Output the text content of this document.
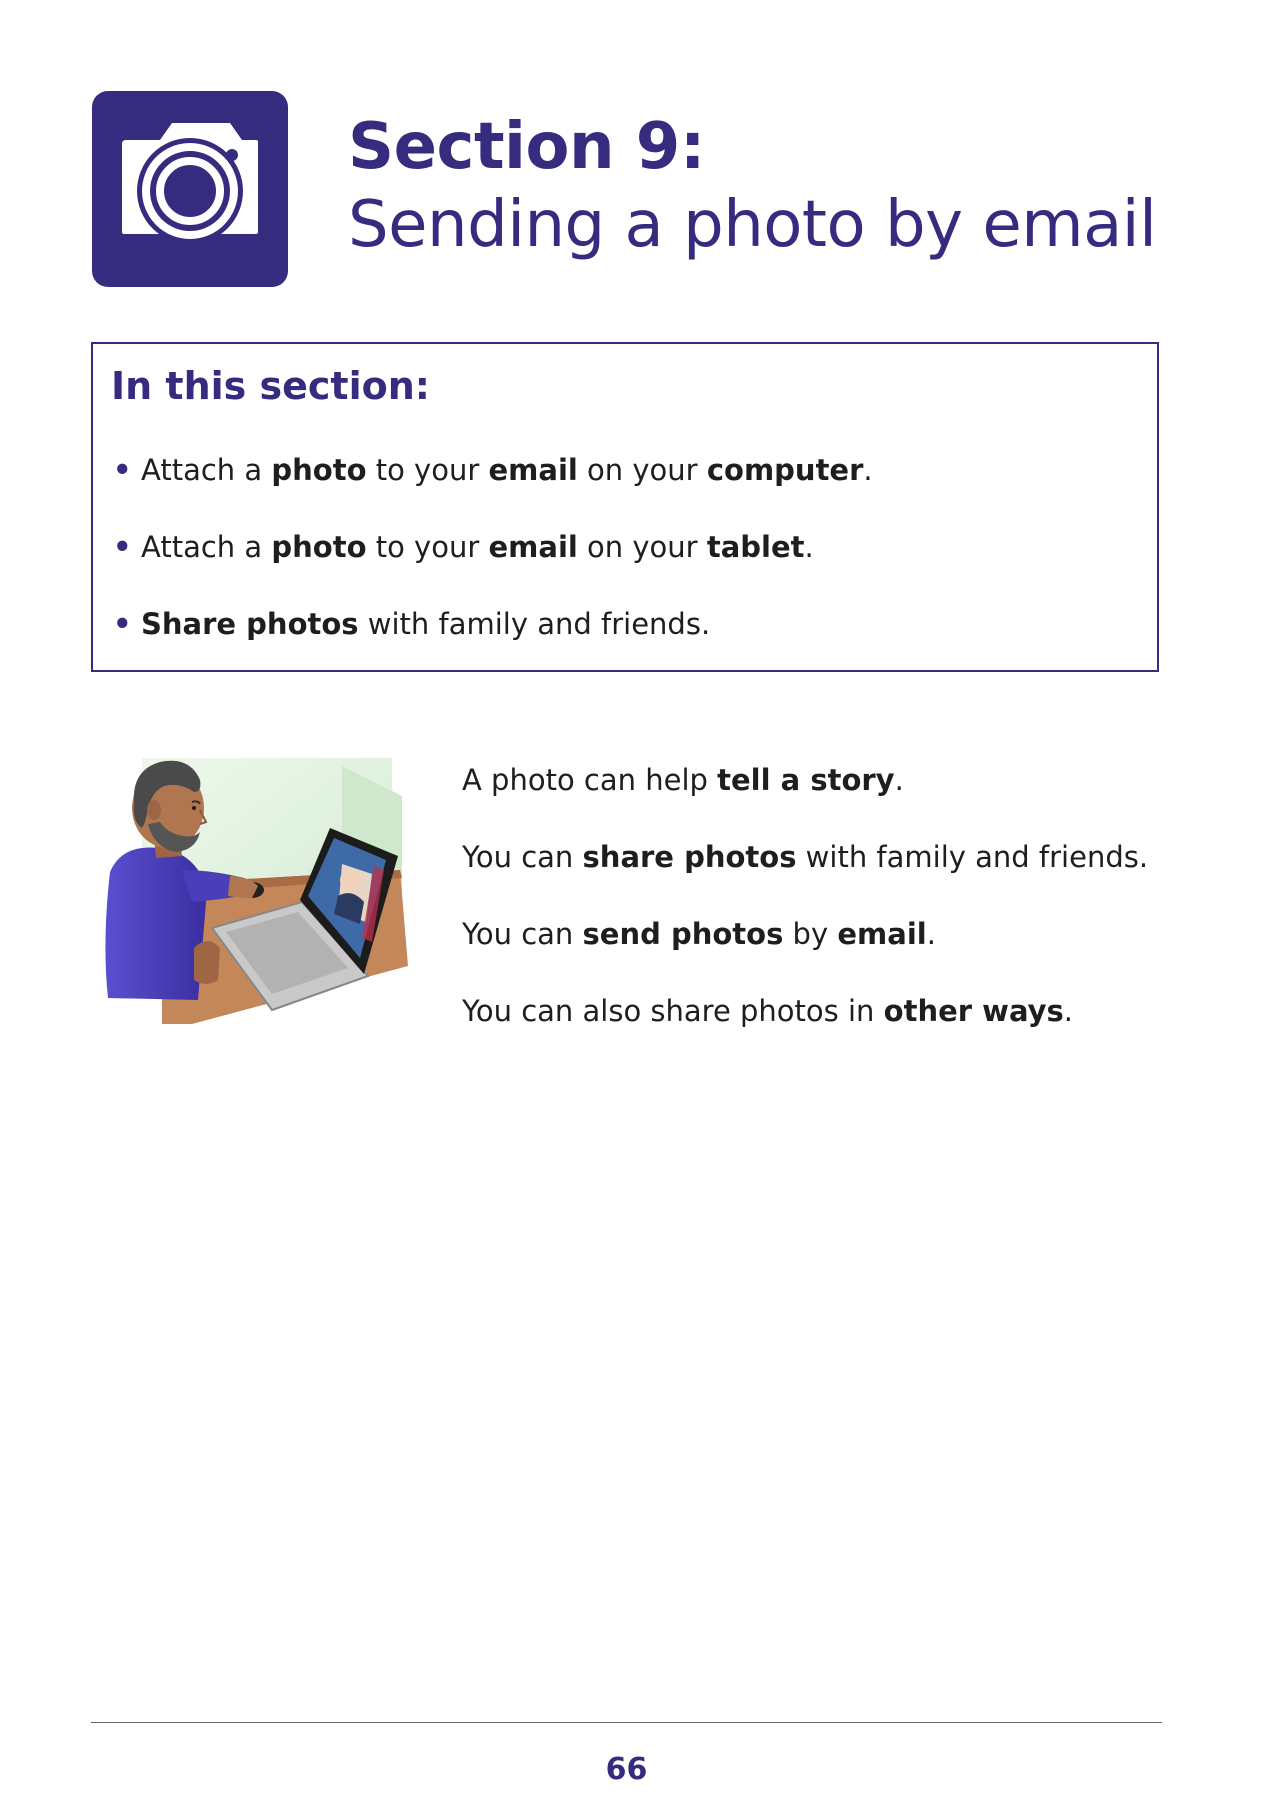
Section 9:
Sending a photo by email
In this section:
• Attach a photo to your email on your computer.
• Attach a photo to your email on your tablet.
• Share photos with family and friends.
A photo can help tell a story.
You can share photos with family and friends.
You can send photos by email.
You can also share photos in other ways.
66
